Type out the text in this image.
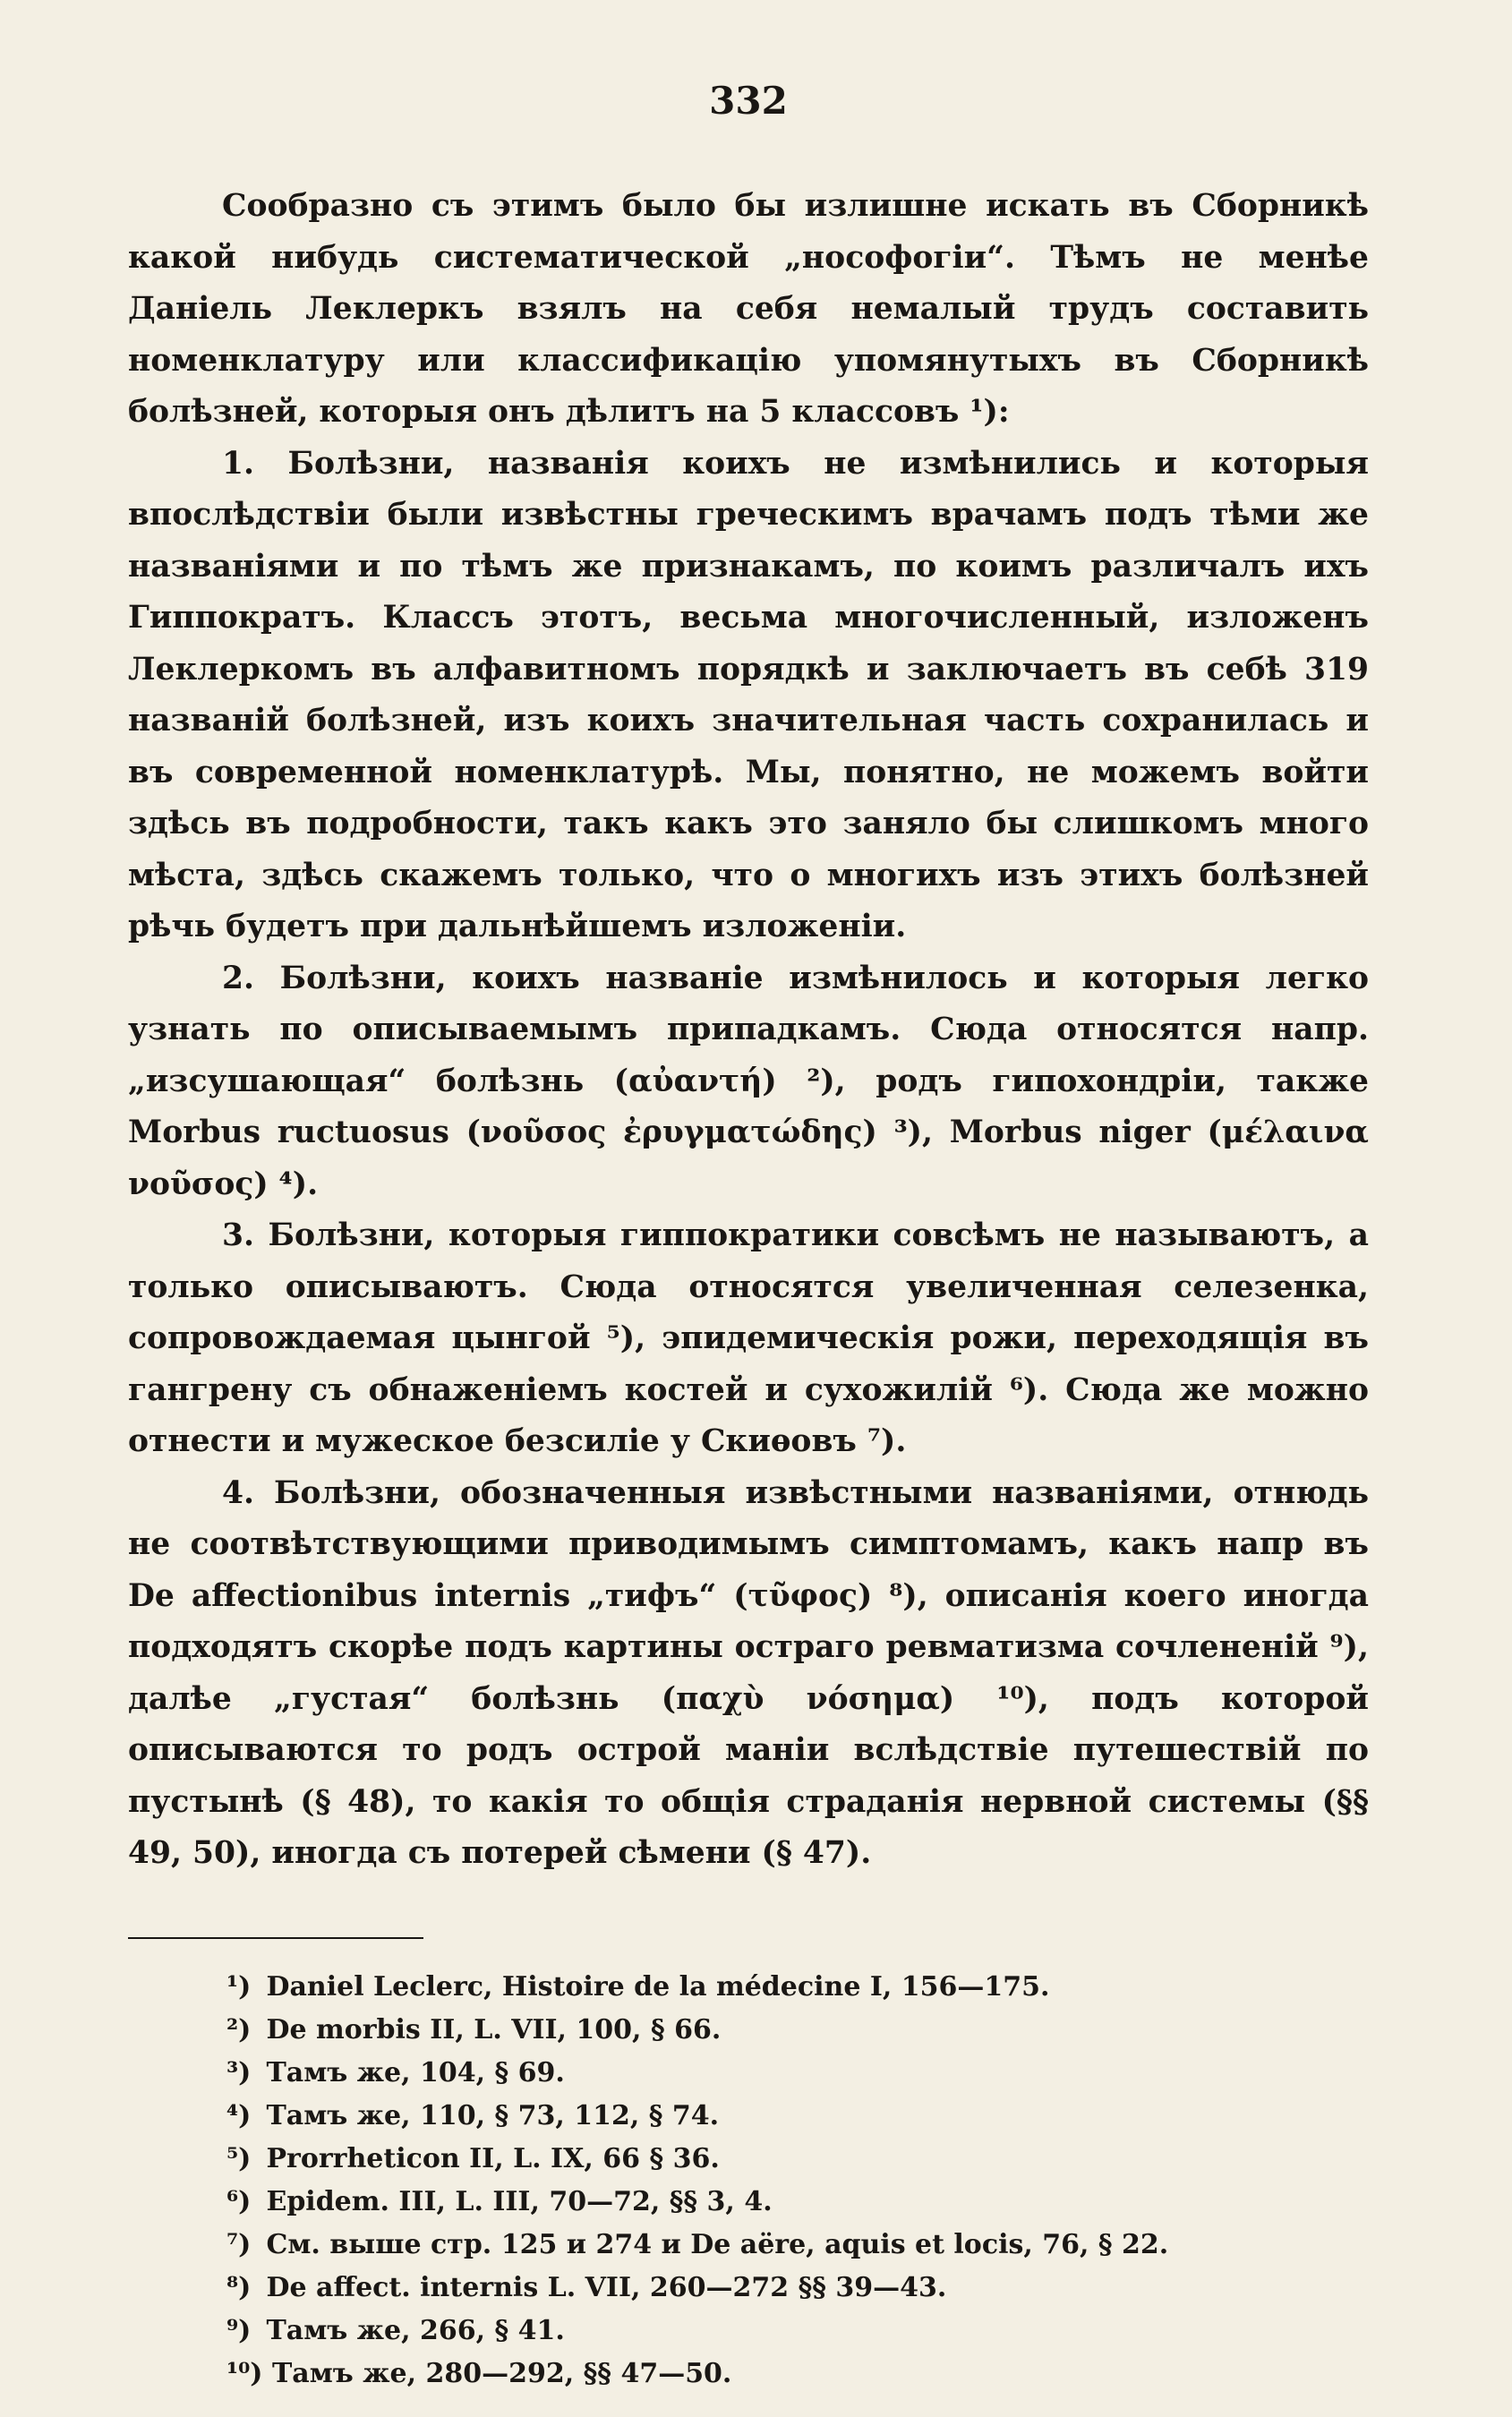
332

Сообразно съ этимъ было бы излишне искать въ Сборникѣ какой нибудь систематической „нософогiи“. Тѣмъ не менѣе Данiель Леклеркъ взялъ на себя немалый трудъ составить номенклатуру или классификацiю упомянутыхъ въ Сборникѣ болѣзней, которыя онъ дѣлитъ на 5 классовъ ¹):

1. Болѣзни, названiя коихъ не измѣнились и которыя впослѣдствiи были извѣстны греческимъ врачамъ подъ тѣми же названiями и по тѣмъ же признакамъ, по коимъ различалъ ихъ Гиппократъ. Классъ этотъ, весьма многочисленный, изложенъ Леклеркомъ въ алфавитномъ порядкѣ и заключаетъ въ себѣ 319 названiй болѣзней, изъ коихъ значительная часть сохранилась и въ современной номенклатурѣ. Мы, понятно, не можемъ войти здѣсь въ подробности, такъ какъ это заняло бы слишкомъ много мѣста, здѣсь скажемъ только, что о многихъ изъ этихъ болѣзней рѣчь будетъ при дальнѣйшемъ изложенiи.

2. Болѣзни, коихъ названiе измѣнилось и которыя легко узнать по описываемымъ припадкамъ. Сюда относятся напр. „изсушающая“ болѣзнь (αὐαντή) ²), родъ гипохондрiи, также Morbus ructuosus (νοῦσος ἐρυγματώδης) ³), Morbus niger (μέλαινα νοῦσος) ⁴).

3. Болѣзни, которыя гиппократики совсѣмъ не называютъ, а только описываютъ. Сюда относятся увеличенная селезенка, сопровождаемая цынгой ⁵), эпидемическiя рожи, переходящiя въ гангрену съ обнаженiемъ костей и сухожилiй ⁶). Сюда же можно отнести и мужеское безсилiе у Скиѳовъ ⁷).

4. Болѣзни, обозначенныя извѣстными названiями, отнюдь не соотвѣтствующими приводимымъ симптомамъ, какъ напр въ De affectionibus internis „тифъ“ (τῦφος) ⁸), описанiя коего иногда подходятъ скорѣе подъ картины остраго ревматизма сочлененiй ⁹), далѣе „густая“ болѣзнь (παχὺ νόσημα) ¹⁰), подъ которой описываются то родъ острой манiи вслѣдствiе путешествiй по пустынѣ (§ 48), то какiя то общiя страданiя нервной системы (§§ 49, 50), иногда съ потерей сѣмени (§ 47).

¹) Daniel Leclerc, Histoire de la médecine I, 156—175.
²) De morbis II, L. VII, 100, § 66.
³) Тамъ же, 104, § 69.
⁴) Тамъ же, 110, § 73, 112, § 74.
⁵) Prorrheticon II, L. IX, 66 § 36.
⁶) Epidem. III, L. III, 70—72, §§ 3, 4.
⁷) См. выше стр. 125 и 274 и De aëre, aquis et locis, 76, § 22.
⁸) De affect. internis L. VII, 260—272 §§ 39—43.
⁹) Тамъ же, 266, § 41.
¹⁰) Тамъ же, 280—292, §§ 47—50.
